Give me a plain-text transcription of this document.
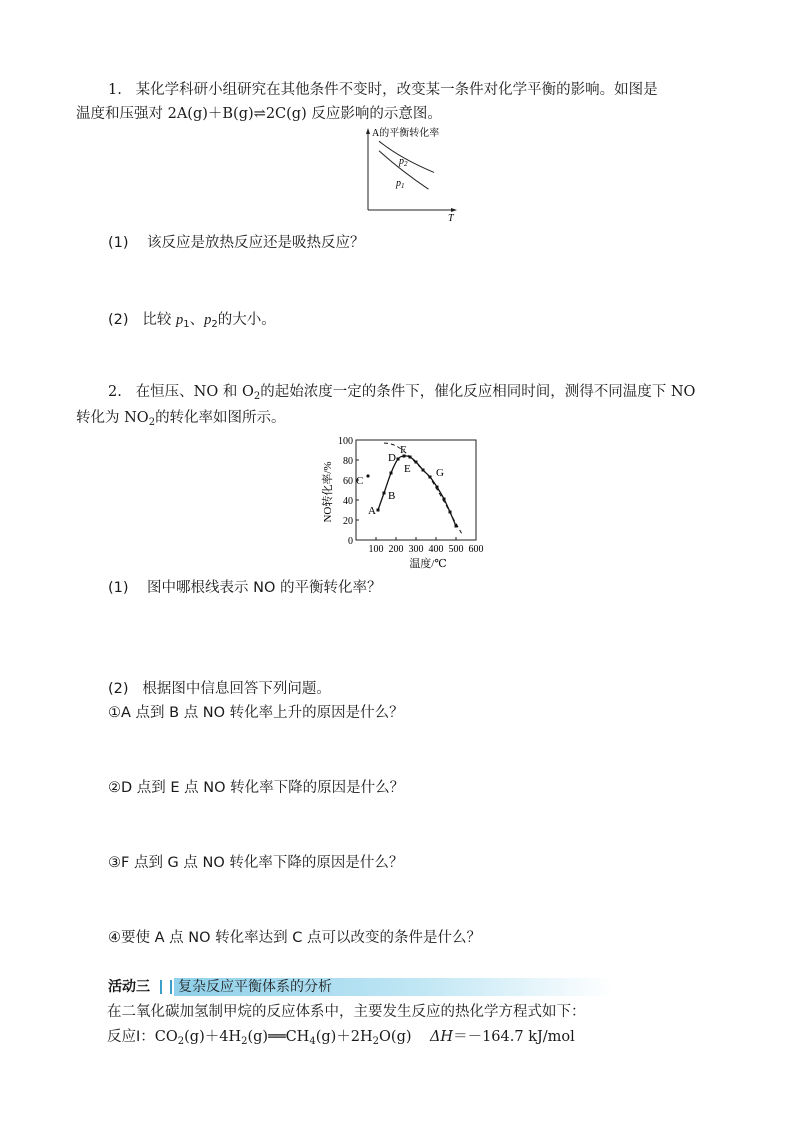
1. 某化学科研小组研究在其他条件不变时，改变某一条件对化学平衡的影响。如图是
温度和压强对 2A(g)＋B(g)⇌2C(g) 反应影响的示意图。
A的平衡转化率
T
$p_2$
$p_1$
(1) 该反应是放热反应还是吸热反应？
(2) 比较 $p_1$、$p_2$的大小。
2. 在恒压、NO 和 $O_2$的起始浓度一定的条件下，催化反应相同时间，测得不同温度下 NO
转化为 $NO_2$的转化率如图所示。
0
20
40
60
80
100
100 200 300 400 500 600
A
B
C
D
E
F
G
温度/℃
NO转化率/%
(1) 图中哪根线表示 NO 的平衡转化率？
(2) 根据图中信息回答下列问题。
①A 点到 B 点 NO 转化率上升的原因是什么？
②D 点到 E 点 NO 转化率下降的原因是什么？
③F 点到 G 点 NO 转化率下降的原因是什么？
④要使 A 点 NO 转化率达到 C 点可以改变的条件是什么？
活动三 复杂反应平衡体系的分析
在二氧化碳加氢制甲烷的反应体系中，主要发生反应的热化学方程式如下：
反应Ⅰ：$CO_2(g)+4H_2(g)══CH_4(g)+2H_2O(g)$ ΔH＝－164.7 kJ/mol
